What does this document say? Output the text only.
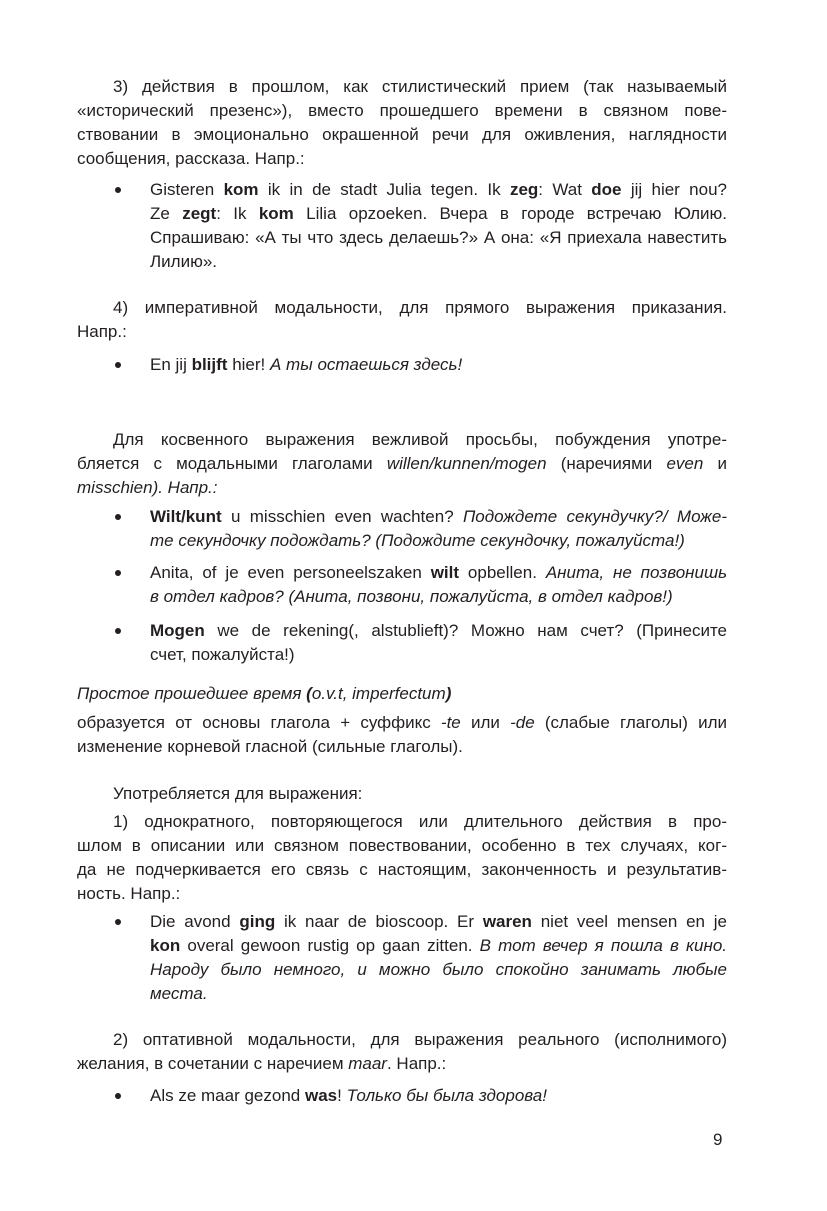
3) действия в прошлом, как стилистический прием (так называемый
«исторический презенс»), вместо прошедшего времени в связном пове-
ствовании в эмоционально окрашенной речи для оживления, наглядности
сообщения, рассказа. Напр.:
Gisteren kom ik in de stadt Julia tegen. Ik zeg: Wat doe jij hier nou?
Ze zegt: Ik kom Lilia opzoeken. Вчера в городе встречаю Юлию.
Спрашиваю: «А ты что здесь делаешь?» А она: «Я приехала навестить
Лилию».
4) императивной модальности, для прямого выражения приказания.
Напр.:
En jij blijft hier! А ты остаешься здесь!
Для косвенного выражения вежливой просьбы, побуждения употре-
бляется с модальными глаголами willen/kunnen/mogen (наречиями even и
misschien). Напр.:
Wilt/kunt u misschien even wachten? Подождете секундучку?/ Може-
те секундочку подождать? (Подождите секундочку, пожалуйста!)
Anita, of je even personeelszaken wilt opbellen. Анита, не позвонишь
в отдел кадров? (Анита, позвони, пожалуйста, в отдел кадров!)
Mogen we de rekening(, alstublieft)? Можно нам счет? (Принесите
счет, пожалуйста!)
Простое прошедшее время (o.v.t, imperfectum)
образуется от основы глагола + суффикс -te или -de (слабые глаголы) или
изменение корневой гласной (сильные глаголы).
Употребляется для выражения:
1) однократного, повторяющегося или длительного действия в про-
шлом в описании или связном повествовании, особенно в тех случаях, ког-
да не подчеркивается его связь с настоящим, законченность и результатив-
ность. Напр.:
Die avond ging ik naar de bioscoop. Er waren niet veel mensen en je
kon overal gewoon rustig op gaan zitten. В тот вечер я пошла в кино.
Народу было немного, и можно было спокойно занимать любые
места.
2) оптативной модальности, для выражения реального (исполнимого)
желания, в сочетании с наречием maar. Напр.:
Als ze maar gezond was! Только бы была здорова!
9
